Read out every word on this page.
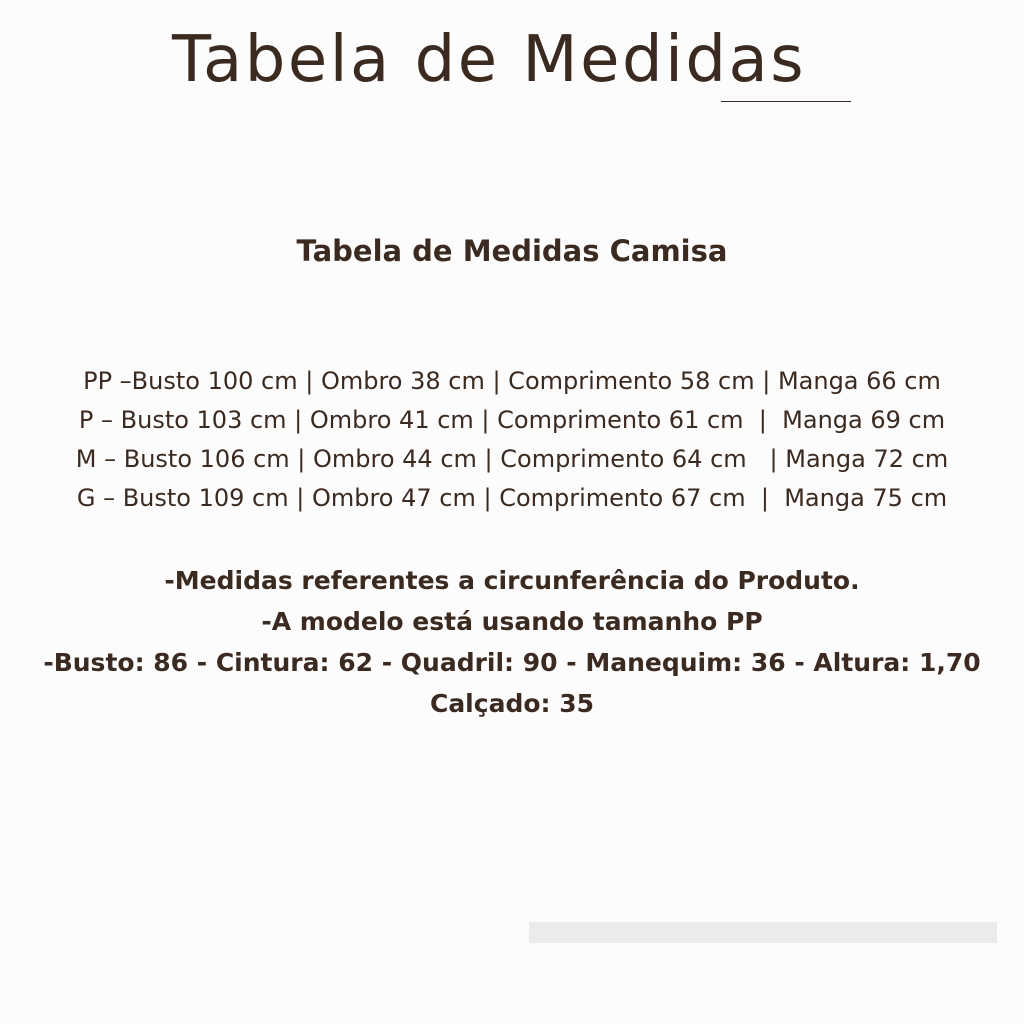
Tabela de Medidas
Tabela de Medidas Camisa
PP –Busto 100 cm | Ombro 38 cm | Comprimento 58 cm | Manga 66 cm
P – Busto 103 cm | Ombro 41 cm | Comprimento 61 cm  |  Manga 69 cm
M – Busto 106 cm | Ombro 44 cm | Comprimento 64 cm   | Manga 72 cm
G – Busto 109 cm | Ombro 47 cm | Comprimento 67 cm  |  Manga 75 cm
-Medidas referentes a circunferência do Produto.
-A modelo está usando tamanho PP
-Busto: 86 - Cintura: 62 - Quadril: 90 - Manequim: 36 - Altura: 1,70
Calçado: 35
